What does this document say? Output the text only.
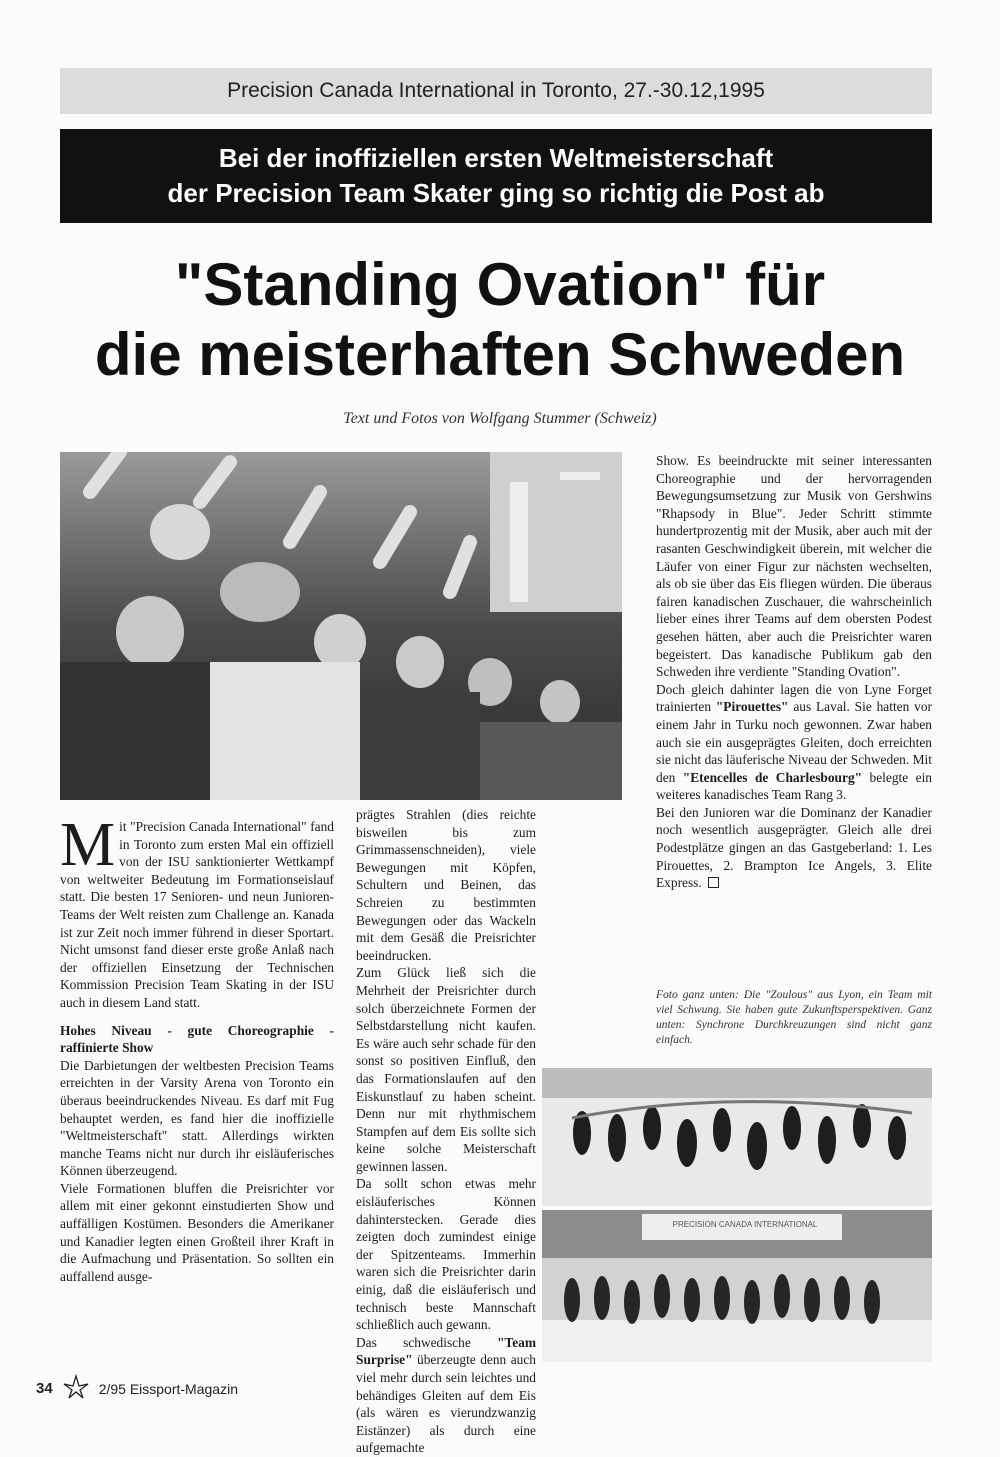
Precision Canada International in Toronto, 27.-30.12,1995
Bei der inoffiziellen ersten Weltmeisterschaft
der Precision Team Skater ging so richtig die Post ab
"Standing Ovation" für
die meisterhaften Schweden
Text und Fotos von Wolfgang Stummer (Schweiz)

Mit "Precision Canada International" fand in Toronto zum ersten Mal ein offiziell von der ISU sanktionierter Wettkampf von weltweiter Bedeutung im Formationseislauf statt. Die besten 17 Senioren- und neun Junioren-Teams der Welt reisten zum Challenge an. Kanada ist zur Zeit noch immer führend in dieser Sportart. Nicht umsonst fand dieser erste große Anlaß nach der offiziellen Einsetzung der Technischen Kommission Precision Team Skating in der ISU auch in diesem Land statt.

Hohes Niveau - gute Choreographie - raffinierte Show

Die Darbietungen der weltbesten Precision Teams erreichten in der Varsity Arena von Toronto ein überaus beeindruckendes Niveau. Es darf mit Fug behauptet werden, es fand hier die inoffizielle "Weltmeisterschaft" statt. Allerdings wirkten manche Teams nicht nur durch ihr eisläuferisches Können überzeugend.

Viele Formationen bluffen die Preisrichter vor allem mit einer gekonnt einstudierten Show und auffälligen Kostümen. Besonders die Amerikaner und Kanadier legten einen Großteil ihrer Kraft in die Aufmachung und Präsentation. So sollten ein auffallend ausge-

prägtes Strahlen (dies reichte bisweilen bis zum Grimmassenschneiden), viele Bewegungen mit Köpfen, Schultern und Beinen, das Schreien zu bestimmten Bewegungen oder das Wackeln mit dem Gesäß die Preisrichter beeindrucken.

Zum Glück ließ sich die Mehrheit der Preisrichter durch solch überzeichnete Formen der Selbstdarstellung nicht kaufen. Es wäre auch sehr schade für den sonst so positiven Einfluß, den das Formationslaufen auf den Eiskunstlauf zu haben scheint. Denn nur mit rhythmischem Stampfen auf dem Eis sollte sich keine solche Meisterschaft gewinnen lassen.

Da sollt schon etwas mehr eisläuferisches Können dahinterstecken. Gerade dies zeigten doch zumindest einige der Spitzenteams. Immerhin waren sich die Preisrichter darin einig, daß die eisläuferisch und technisch beste Mannschaft schließlich auch gewann.

Das schwedische "Team Surprise" überzeugte denn auch viel mehr durch sein leichtes und behändiges Gleiten auf dem Eis (als wären es vierundzwanzig Eistänzer) als durch eine aufgemachte

Show. Es beeindruckte mit seiner interessanten Choreographie und der hervorragenden Bewegungsumsetzung zur Musik von Gershwins "Rhapsody in Blue". Jeder Schritt stimmte hundertprozentig mit der Musik, aber auch mit der rasanten Geschwindigkeit überein, mit welcher die Läufer von einer Figur zur nächsten wechselten, als ob sie über das Eis fliegen würden. Die überaus fairen kanadischen Zuschauer, die wahrscheinlich lieber eines ihrer Teams auf dem obersten Podest gesehen hätten, aber auch die Preisrichter waren begeistert. Das kanadische Publikum gab den Schweden ihre verdiente "Standing Ovation".

Doch gleich dahinter lagen die von Lyne Forget trainierten "Pirouettes" aus Laval. Sie hatten vor einem Jahr in Turku noch gewonnen. Zwar haben auch sie ein ausgeprägtes Gleiten, doch erreichten sie nicht das läuferische Niveau der Schweden. Mit den "Etencelles de Charlesbourg" belegte ein weiteres kanadisches Team Rang 3.

Bei den Junioren war die Dominanz der Kanadier noch wesentlich ausgeprägter. Gleich alle drei Podestplätze gingen an das Gastgeberland: 1. Les Pirouettes, 2. Brampton Ice Angels, 3. Elite Express.

Foto ganz unten: Die "Zoulous" aus Lyon, ein Team mit viel Schwung. Sie haben gute Zukunftsperspektiven. Ganz unten: Synchrone Durchkreuzungen sind nicht ganz einfach.
PRECISION CANADA INTERNATIONAL
34	2/95 Eissport-Magazin
